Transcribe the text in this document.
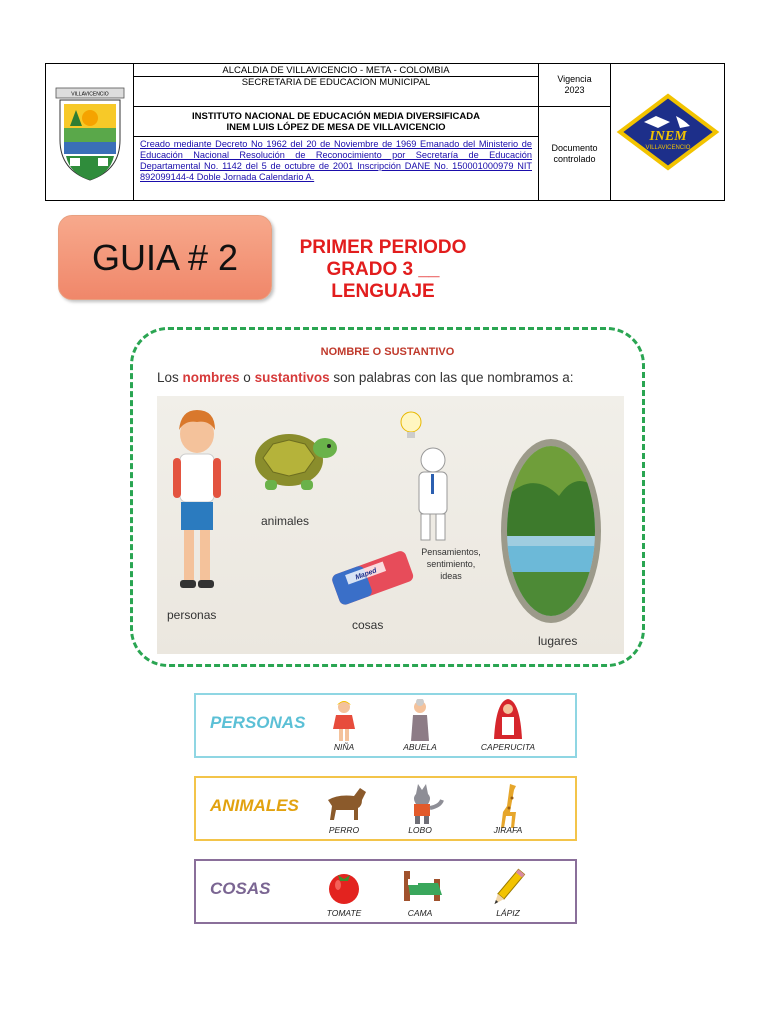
VILLAVICENCIO
ALCALDIA DE VILLAVICENCIO - META - COLOMBIA
SECRETARIA DE EDUCACION MUNICIPAL
INSTITUTO NACIONAL DE EDUCACIÓN MEDIA DIVERSIFICADA
INEM LUIS LÓPEZ DE MESA DE VILLAVICENCIO
Creado mediante Decreto No 1962 del 20 de Noviembre de 1969 Emanado del Ministerio de Educación Nacional Resolución de Reconocimiento por Secretaría de Educación Departamental No. 1142 del 5 de octubre de 2001 Inscripción DANE No. 150001000979 NIT 892099144-4 Doble Jornada Calendario A.
Vigencia
2023
Documento
controlado
INEM
VILLAVICENCIO
GUIA # 2	PRIMER PERIODO
GRADO 3 __
LENGUAJE
NOMBRE O SUSTANTIVO
Los nombres o sustantivos son palabras con las que nombramos a:
personas
animales
Maped
cosas
Pensamientos,
sentimiento,
ideas
lugares
PERSONAS
NIÑA	ABUELA	CAPERUCITA
ANIMALES
PERRO	LOBO	JIRAFA
COSAS
TOMATE	CAMA	LÁPIZ
